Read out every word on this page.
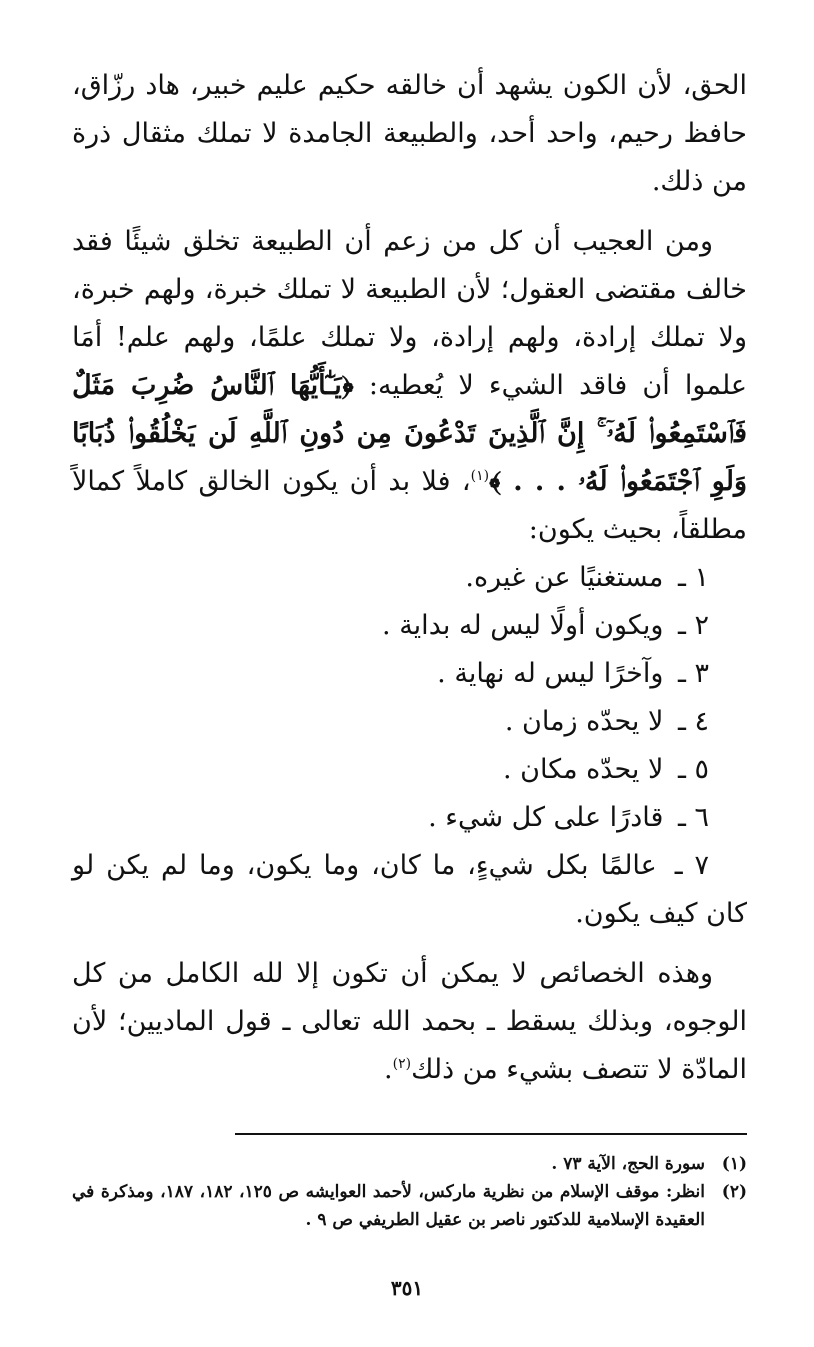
الحق، لأن الكون يشهد أن خالقه حكيم عليم خبير، هاد رزّاق، حافظ رحيم، واحد أحد، والطبيعة الجامدة لا تملك مثقال ذرة من ذلك.

ومن العجيب أن كل من زعم أن الطبيعة تخلق شيئًا فقد خالف مقتضى العقول؛ لأن الطبيعة لا تملك خبرة، ولهم خبرة، ولا تملك إرادة، ولهم إرادة، ولا تملك علمًا، ولهم علم! أمَا علموا أن فاقد الشيء لا يُعطيه: ﴿يَـٰٓأَيُّهَا ٱلنَّاسُ ضُرِبَ مَثَلٌ فَٱسْتَمِعُوا۟ لَهُۥٓ ۚ إِنَّ ٱلَّذِينَ تَدْعُونَ مِن دُونِ ٱللَّهِ لَن يَخْلُقُوا۟ ذُبَابًا وَلَوِ ٱجْتَمَعُوا۟ لَهُۥ . . . ﴾$^{(١)}$، فلا بد أن يكون الخالق كاملاً كمالاً مطلقاً، بحيث يكون:

١ ـ مستغنيًا عن غيره.
٢ ـ ويكون أولًا ليس له بداية .
٣ ـ وآخرًا ليس له نهاية .
٤ ـ لا يحدّه زمان .
٥ ـ لا يحدّه مكان .
٦ ـ قادرًا على كل شيء .
٧ ـ عالمًا بكل شيءٍ، ما كان، وما يكون، وما لم يكن لو كان كيف يكون.

وهذه الخصائص لا يمكن أن تكون إلا لله الكامل من كل الوجوه، وبذلك يسقط ـ بحمد الله تعالى ـ قول الماديين؛ لأن المادّة لا تتصف بشيء من ذلك$^{(٢)}$.

(١)
سورة الحج، الآية ٧٣ .
(٢)
انظر: موقف الإسلام من نظرية ماركس، لأحمد العوايشه ص ١٢٥، ١٨٢، ١٨٧، ومذكرة في العقيدة الإسلامية للدكتور ناصر بن عقيل الطريفي ص ٩ .
٣٥١
